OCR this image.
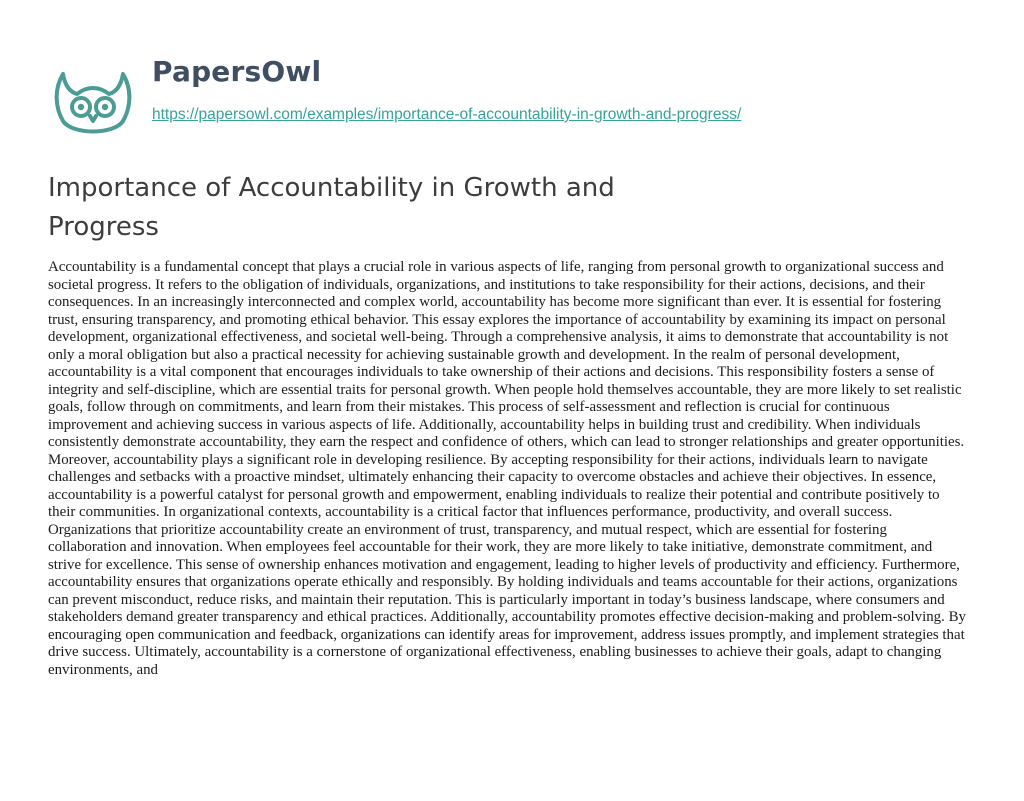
PapersOwl
https://papersowl.com/examples/importance-of-accountability-in-growth-and-progress/
Importance of Accountability in Growth and Progress

Accountability is a fundamental concept that plays a crucial role in various aspects of life, ranging from personal growth to organizational success and societal progress. It refers to the obligation of individuals, organizations, and institutions to take responsibility for their actions, decisions, and their consequences. In an increasingly interconnected and complex world, accountability has become more significant than ever. It is essential for fostering trust, ensuring transparency, and promoting ethical behavior. This essay explores the importance of accountability by examining its impact on personal development, organizational effectiveness, and societal well-being. Through a comprehensive analysis, it aims to demonstrate that accountability is not only a moral obligation but also a practical necessity for achieving sustainable growth and development. In the realm of personal development, accountability is a vital component that encourages individuals to take ownership of their actions and decisions. This responsibility fosters a sense of integrity and self-discipline, which are essential traits for personal growth. When people hold themselves accountable, they are more likely to set realistic goals, follow through on commitments, and learn from their mistakes. This process of self-assessment and reflection is crucial for continuous improvement and achieving success in various aspects of life. Additionally, accountability helps in building trust and credibility. When individuals consistently demonstrate accountability, they earn the respect and confidence of others, which can lead to stronger relationships and greater opportunities. Moreover, accountability plays a significant role in developing resilience. By accepting responsibility for their actions, individuals learn to navigate challenges and setbacks with a proactive mindset, ultimately enhancing their capacity to overcome obstacles and achieve their objectives. In essence, accountability is a powerful catalyst for personal growth and empowerment, enabling individuals to realize their potential and contribute positively to their communities. In organizational contexts, accountability is a critical factor that influences performance, productivity, and overall success. Organizations that prioritize accountability create an environment of trust, transparency, and mutual respect, which are essential for fostering collaboration and innovation. When employees feel accountable for their work, they are more likely to take initiative, demonstrate commitment, and strive for excellence. This sense of ownership enhances motivation and engagement, leading to higher levels of productivity and efficiency. Furthermore, accountability ensures that organizations operate ethically and responsibly. By holding individuals and teams accountable for their actions, organizations can prevent misconduct, reduce risks, and maintain their reputation. This is particularly important in today’s business landscape, where consumers and stakeholders demand greater transparency and ethical practices. Additionally, accountability promotes effective decision-making and problem-solving. By encouraging open communication and feedback, organizations can identify areas for improvement, address issues promptly, and implement strategies that drive success. Ultimately, accountability is a cornerstone of organizational effectiveness, enabling businesses to achieve their goals, adapt to changing environments, and
